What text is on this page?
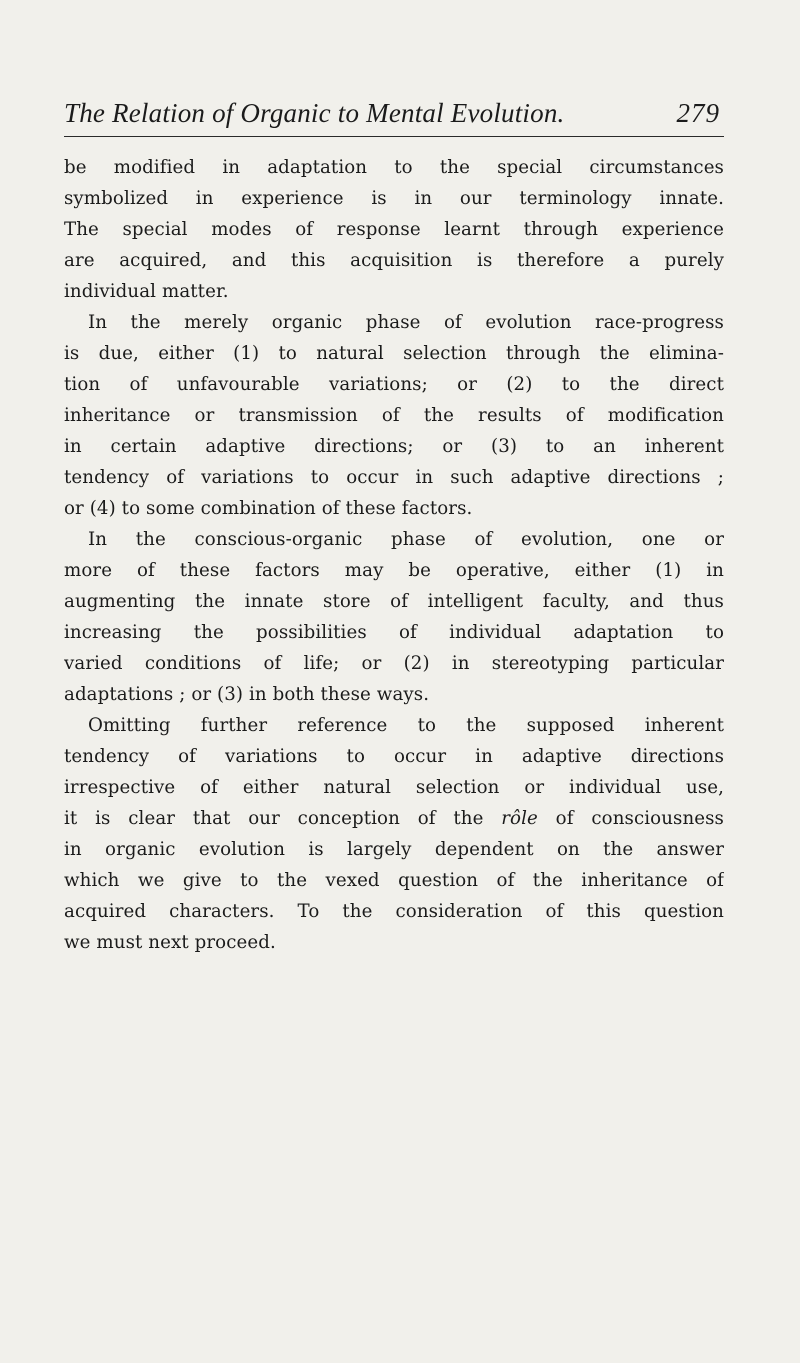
The Relation of Organic to Mental Evolution.	279
be modified in adaptation to the special circumstances
symbolized in experience is in our terminology innate.
The special modes of response learnt through experience
are acquired, and this acquisition is therefore a purely
individual matter.
In the merely organic phase of evolution race-progress
is due, either (1) to natural selection through the elimina-
tion of unfavourable variations; or (2) to the direct
inheritance or transmission of the results of modification
in certain adaptive directions; or (3) to an inherent
tendency of variations to occur in such adaptive directions ;
or (4) to some combination of these factors.
In the conscious-organic phase of evolution, one or
more of these factors may be operative, either (1) in
augmenting the innate store of intelligent faculty, and thus
increasing the possibilities of individual adaptation to
varied conditions of life; or (2) in stereotyping particular
adaptations ; or (3) in both these ways.
Omitting further reference to the supposed inherent
tendency of variations to occur in adaptive directions
irrespective of either natural selection or individual use,
it is clear that our conception of the rôle of consciousness
in organic evolution is largely dependent on the answer
which we give to the vexed question of the inheritance of
acquired characters. To the consideration of this question
we must next proceed.
